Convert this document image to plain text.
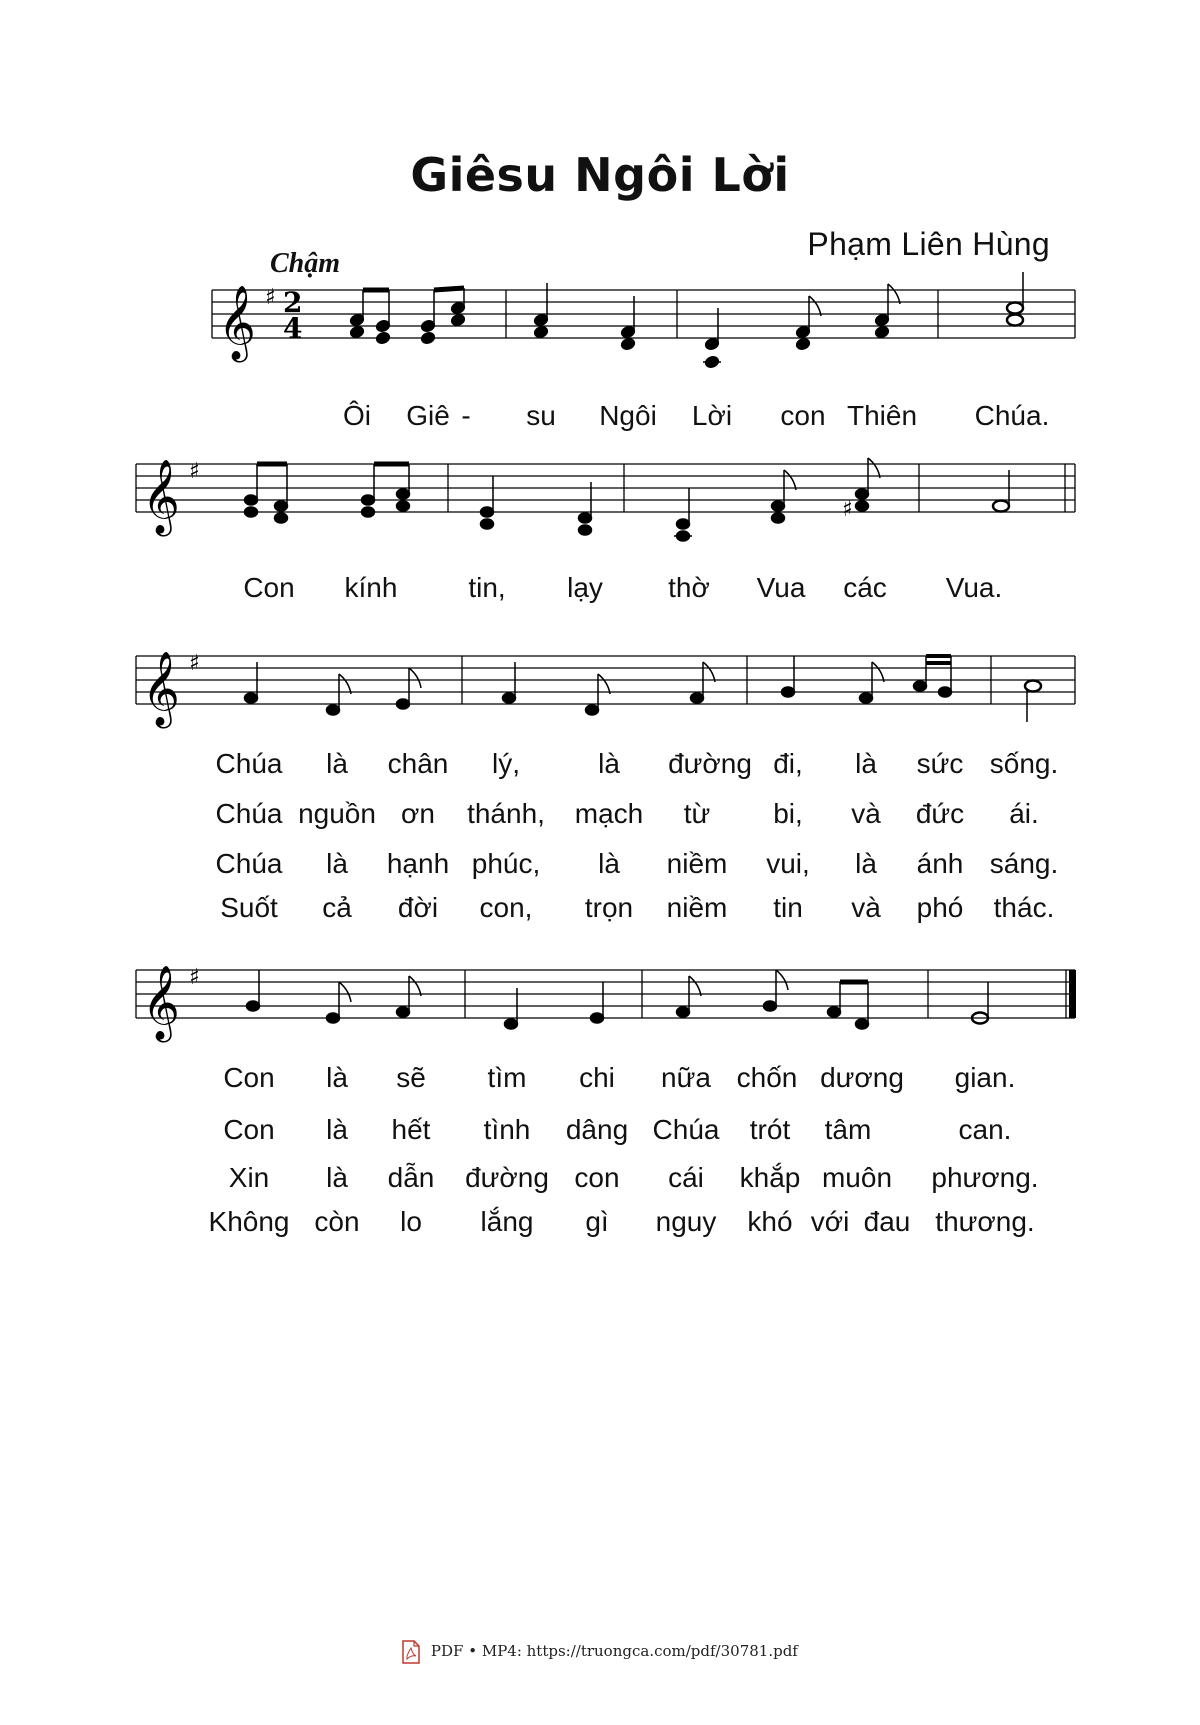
Giêsu Ngôi Lời
Phạm Liên Hùng
Chậm
𝄞 ♯ 2
4
Ôi Giê - su Ngôi Lời con Thiên Chúa.
𝄞 ♯
♯
Con kính	tin, lạy thờ Vua các Vua.
𝄞 ♯
Chúa là chân lý,	là đường đi, là sức sống.
Chúa nguồn ơn thánh, mạch từ bi, và đức ái.
Chúa là hạnh phúc, là niềm vui, là ánh sáng.
Suốt cả đời con, trọn niềm tin và phó thác.
𝄞 ♯
Con là sẽ tìm chi nữa chốn dương gian.
Con là hết tình dâng Chúa trót tâm	can.
Xin là dẫn đường con cái khắp muôn phương.
Không còn lo lắng gì nguy khó với đau thương.
PDF • MP4: https://truongca.com/pdf/30781.pdf
